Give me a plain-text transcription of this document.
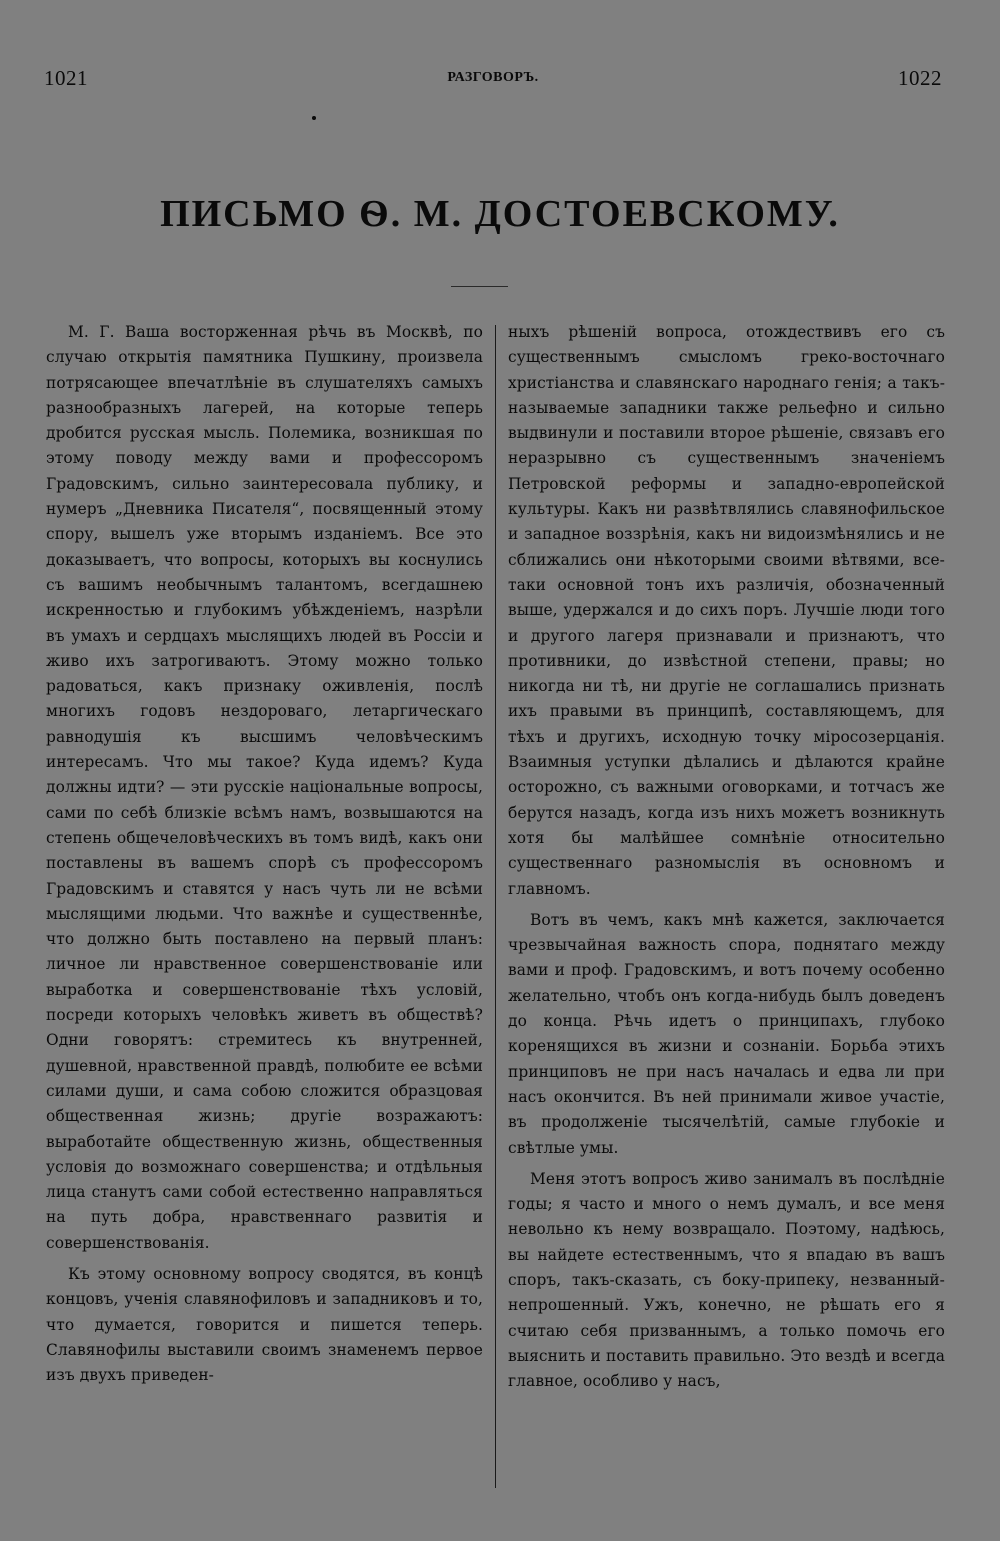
1021	РАЗГОВОРЪ.	1022
ПИСЬМО Ѳ. М. ДОСТОЕВСКОМУ.

М. Г. Ваша восторженная рѣчь въ Москвѣ, по случаю открытія памятника Пушкину, произвела потрясающее впечатлѣніе въ слушателяхъ самыхъ разнообразныхъ лагерей, на которые теперь дробится русская мысль. Полемика, возникшая по этому поводу между вами и профессоромъ Градовскимъ, сильно заинтересовала публику, и нумеръ „Дневника Писателя“, посвященный этому спору, вышелъ уже вторымъ изданіемъ. Все это доказываетъ, что вопросы, которыхъ вы коснулись съ вашимъ необычнымъ талантомъ, всегдашнею искренностью и глубокимъ убѣжденіемъ, назрѣли въ умахъ и сердцахъ мыслящихъ людей въ Россіи и живо ихъ затрогиваютъ. Этому можно только радоваться, какъ признаку оживленія, послѣ многихъ годовъ нездороваго, летаргическаго равнодушія къ высшимъ человѣческимъ интересамъ. Что мы такое? Куда идемъ? Куда должны идти? — эти русскіе національные вопросы, сами по себѣ близкіе всѣмъ намъ, возвышаются на степень общечеловѣческихъ въ томъ видѣ, какъ они поставлены въ вашемъ спорѣ съ профессоромъ Градовскимъ и ставятся у насъ чуть ли не всѣми мыслящими людьми. Что важнѣе и существеннѣе, что должно быть поставлено на первый планъ: личное ли нравственное совершенствованіе или выработка и совершенствованіе тѣхъ условій, посреди которыхъ человѣкъ живетъ въ обществѣ? Одни говорятъ: стремитесь къ внутренней, душевной, нравственной правдѣ, полюбите ее всѣми силами души, и сама собою сложится образцовая общественная жизнь; другіе возражаютъ: выработайте общественную жизнь, общественныя условія до возможнаго совершенства; и отдѣльныя лица станутъ сами собой естественно направляться на путь добра, нравственнаго развитія и совершенствованія.

Къ этому основному вопросу сводятся, въ концѣ концовъ, ученія славянофиловъ и западниковъ и то, что думается, говорится и пишется теперь. Славянофилы выставили своимъ знаменемъ первое изъ двухъ приведен-

ныхъ рѣшеній вопроса, отождествивъ его съ существеннымъ смысломъ греко-восточнаго христіанства и славянскаго народнаго генія; а такъ-называемые западники также рельефно и сильно выдвинули и поставили второе рѣшеніе, связавъ его неразрывно съ существеннымъ значеніемъ Петровской реформы и западно-европейской культуры. Какъ ни развѣтвлялись славянофильское и западное воззрѣнія, какъ ни видоизмѣнялись и не сближались они нѣкоторыми своими вѣтвями, все-таки основной тонъ ихъ различія, обозначенный выше, удержался и до сихъ поръ. Лучшіе люди того и другого лагеря признавали и признаютъ, что противники, до извѣстной степени, правы; но никогда ни тѣ, ни другіе не соглашались признать ихъ правыми въ принципѣ, составляющемъ, для тѣхъ и другихъ, исходную точку міросозерцанія. Взаимныя уступки дѣлались и дѣлаются крайне осторожно, съ важными оговорками, и тотчасъ же берутся назадъ, когда изъ нихъ можетъ возникнуть хотя бы малѣйшее сомнѣніе относительно существеннаго разномыслія въ основномъ и главномъ.

Вотъ въ чемъ, какъ мнѣ кажется, заключается чрезвычайная важность спора, поднятаго между вами и проф. Градовскимъ, и вотъ почему особенно желательно, чтобъ онъ когда-нибудь былъ доведенъ до конца. Рѣчь идетъ о принципахъ, глубоко коренящихся въ жизни и сознаніи. Борьба этихъ принциповъ не при насъ началась и едва ли при насъ окончится. Въ ней принимали живое участіе, въ продолженіе тысячелѣтій, самые глубокіе и свѣтлые умы.

Меня этотъ вопросъ живо занималъ въ послѣдніе годы; я часто и много о немъ думалъ, и все меня невольно къ нему возвращало. Поэтому, надѣюсь, вы найдете естественнымъ, что я впадаю въ вашъ споръ, такъ-сказать, съ боку-припеку, незванный-непрошенный. Ужъ, конечно, не рѣшать его я считаю себя призваннымъ, а только помочь его выяснить и поставить правильно. Это вездѣ и всегда главное, особливо у насъ,
